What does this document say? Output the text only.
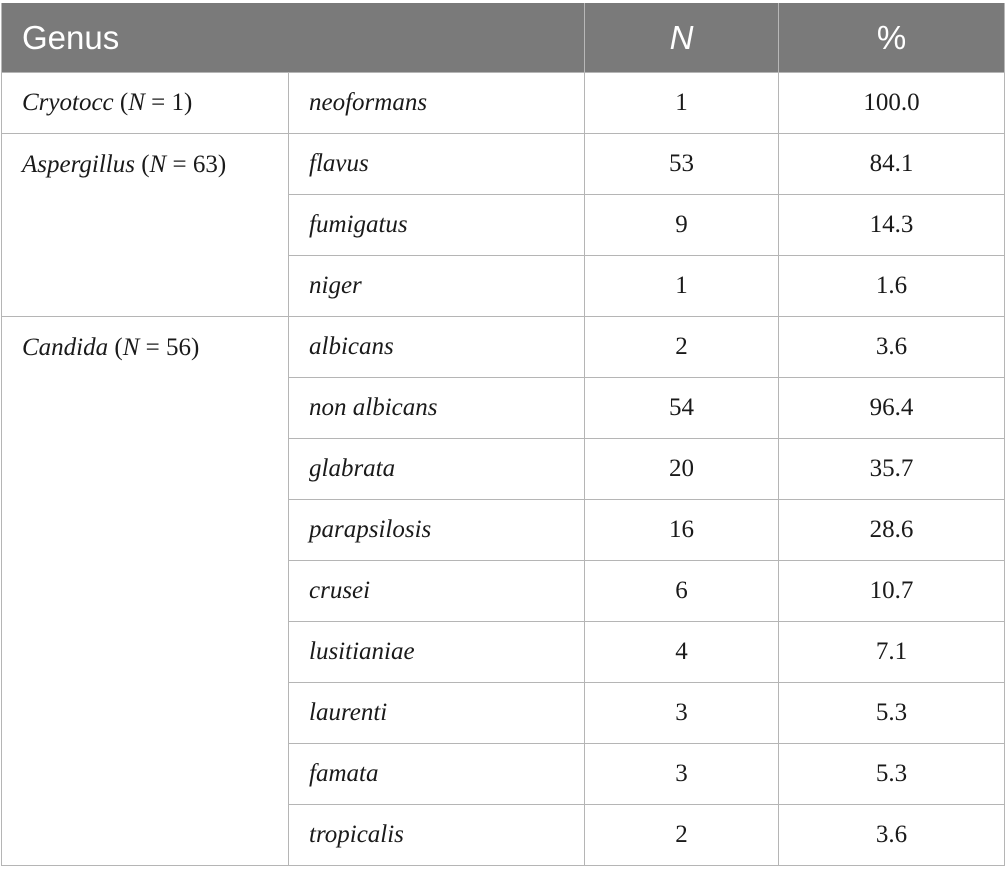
Genus		N	%
Cryotocc (N = 1)	neoformans	1	100.0
Aspergillus (N = 63)	flavus	53	84.1
	fumigatus	9	14.3
	niger	1	1.6
Candida (N = 56)	albicans	2	3.6
	non albicans	54	96.4
	glabrata	20	35.7
	parapsilosis	16	28.6
	crusei	6	10.7
	lusitianiae	4	7.1
	laurenti	3	5.3
	famata	3	5.3
	tropicalis	2	3.6
